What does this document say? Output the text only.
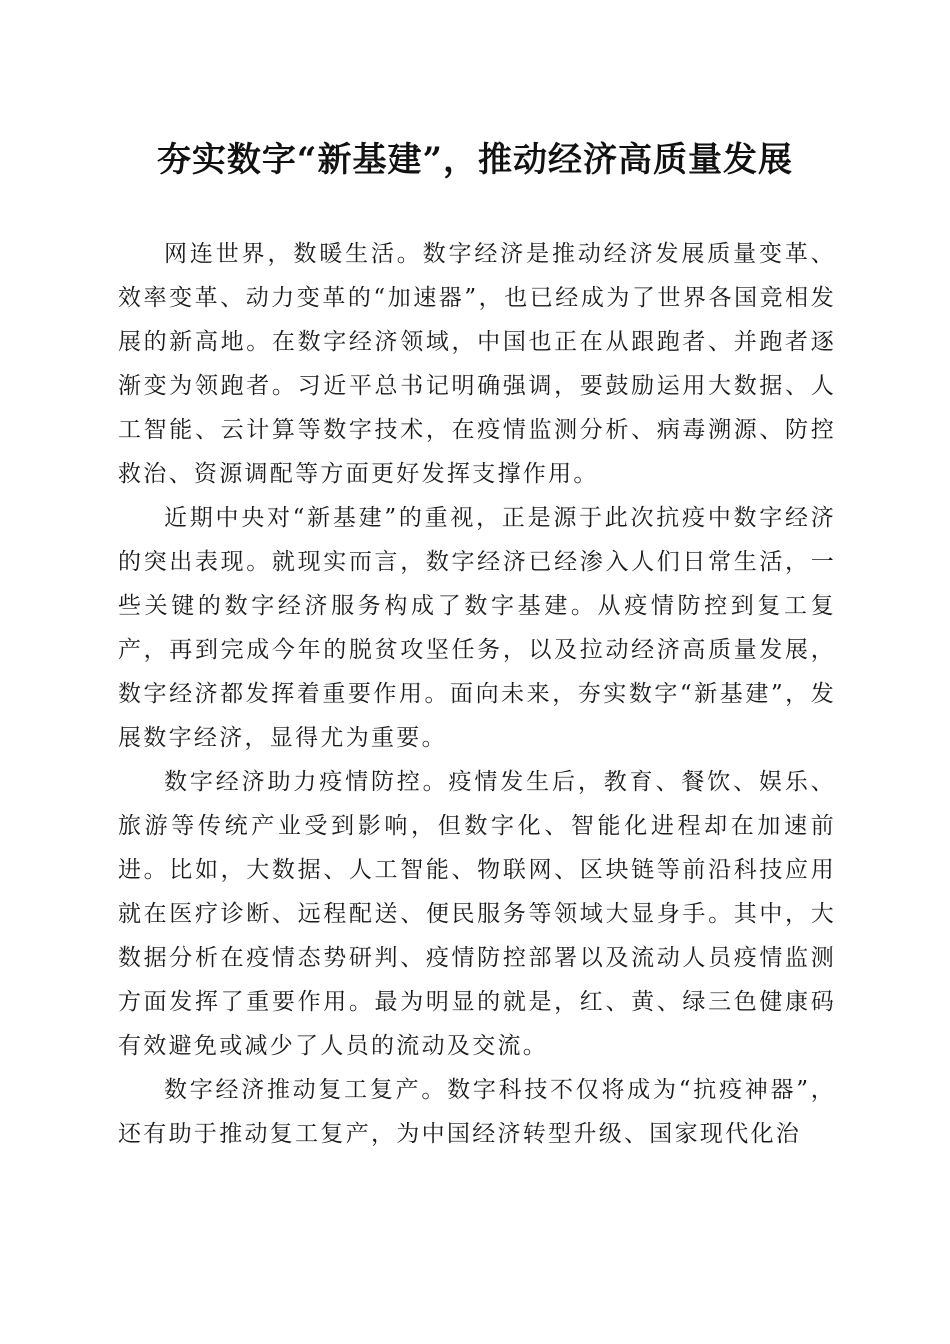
夯实数字“新基建”，推动经济高质量发展

网连世界，数暖生活。数字经济是推动经济发展质量变革、效率变革、动力变革的“加速器”，也已经成为了世界各国竞相发展的新高地。在数字经济领域，中国也正在从跟跑者、并跑者逐渐变为领跑者。习近平总书记明确强调，要鼓励运用大数据、人工智能、云计算等数字技术，在疫情监测分析、病毒溯源、防控救治、资源调配等方面更好发挥支撑作用。

近期中央对“新基建”的重视，正是源于此次抗疫中数字经济的突出表现。就现实而言，数字经济已经渗入人们日常生活，一些关键的数字经济服务构成了数字基建。从疫情防控到复工复产，再到完成今年的脱贫攻坚任务，以及拉动经济高质量发展，数字经济都发挥着重要作用。面向未来，夯实数字“新基建”，发展数字经济，显得尤为重要。

数字经济助力疫情防控。疫情发生后，教育、餐饮、娱乐、旅游等传统产业受到影响，但数字化、智能化进程却在加速前进。比如，大数据、人工智能、物联网、区块链等前沿科技应用就在医疗诊断、远程配送、便民服务等领域大显身手。其中，大数据分析在疫情态势研判、疫情防控部署以及流动人员疫情监测方面发挥了重要作用。最为明显的就是，红、黄、绿三色健康码有效避免或减少了人员的流动及交流。

数字经济推动复工复产。数字科技不仅将成为“抗疫神器”，还有助于推动复工复产，为中国经济转型升级、国家现代化治
